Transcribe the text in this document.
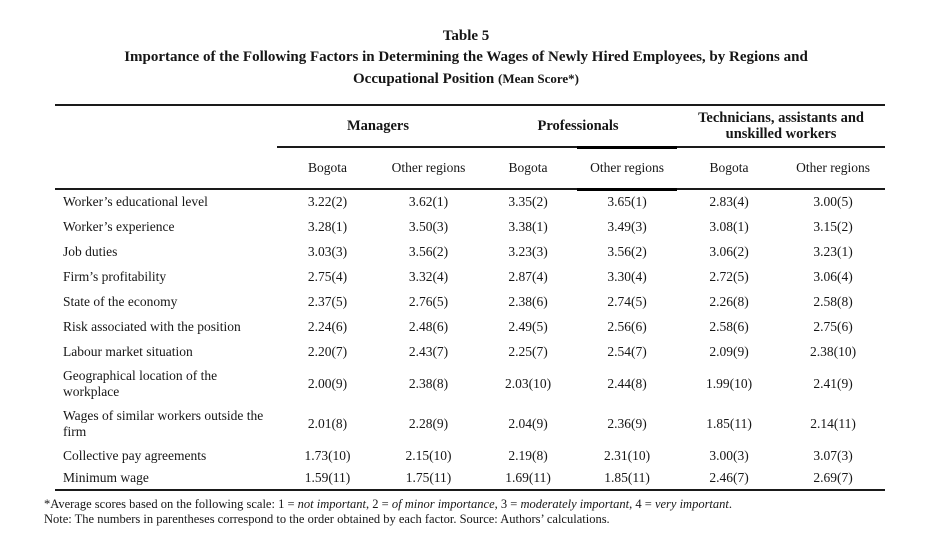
Table 5
Importance of the Following Factors in Determining the Wages of Newly Hired Employees, by Regions and
Occupational Position (Mean Score*)
	Managers		Professionals		Technicians, assistants and unskilled workers	
	Bogota	Other regions	Bogota	Other regions	Bogota	Other regions
Worker’s educational level	3.22(2)	3.62(1)	3.35(2)	3.65(1)	2.83(4)	3.00(5)
Worker’s experience	3.28(1)	3.50(3)	3.38(1)	3.49(3)	3.08(1)	3.15(2)
Job duties	3.03(3)	3.56(2)	3.23(3)	3.56(2)	3.06(2)	3.23(1)
Firm’s profitability	2.75(4)	3.32(4)	2.87(4)	3.30(4)	2.72(5)	3.06(4)
State of the economy	2.37(5)	2.76(5)	2.38(6)	2.74(5)	2.26(8)	2.58(8)
Risk associated with the position	2.24(6)	2.48(6)	2.49(5)	2.56(6)	2.58(6)	2.75(6)
Labour market situation	2.20(7)	2.43(7)	2.25(7)	2.54(7)	2.09(9)	2.38(10)
Geographical location of the workplace	2.00(9)	2.38(8)	2.03(10)	2.44(8)	1.99(10)	2.41(9)
Wages of similar workers outside the firm	2.01(8)	2.28(9)	2.04(9)	2.36(9)	1.85(11)	2.14(11)
Collective pay agreements	1.73(10)	2.15(10)	2.19(8)	2.31(10)	3.00(3)	3.07(3)
Minimum wage	1.59(11)	1.75(11)	1.69(11)	1.85(11)	2.46(7)	2.69(7)
*Average scores based on the following scale: 1 = not important, 2 = of minor importance, 3 = moderately important, 4 = very important.
Note: The numbers in parentheses correspond to the order obtained by each factor. Source: Authors’ calculations.
